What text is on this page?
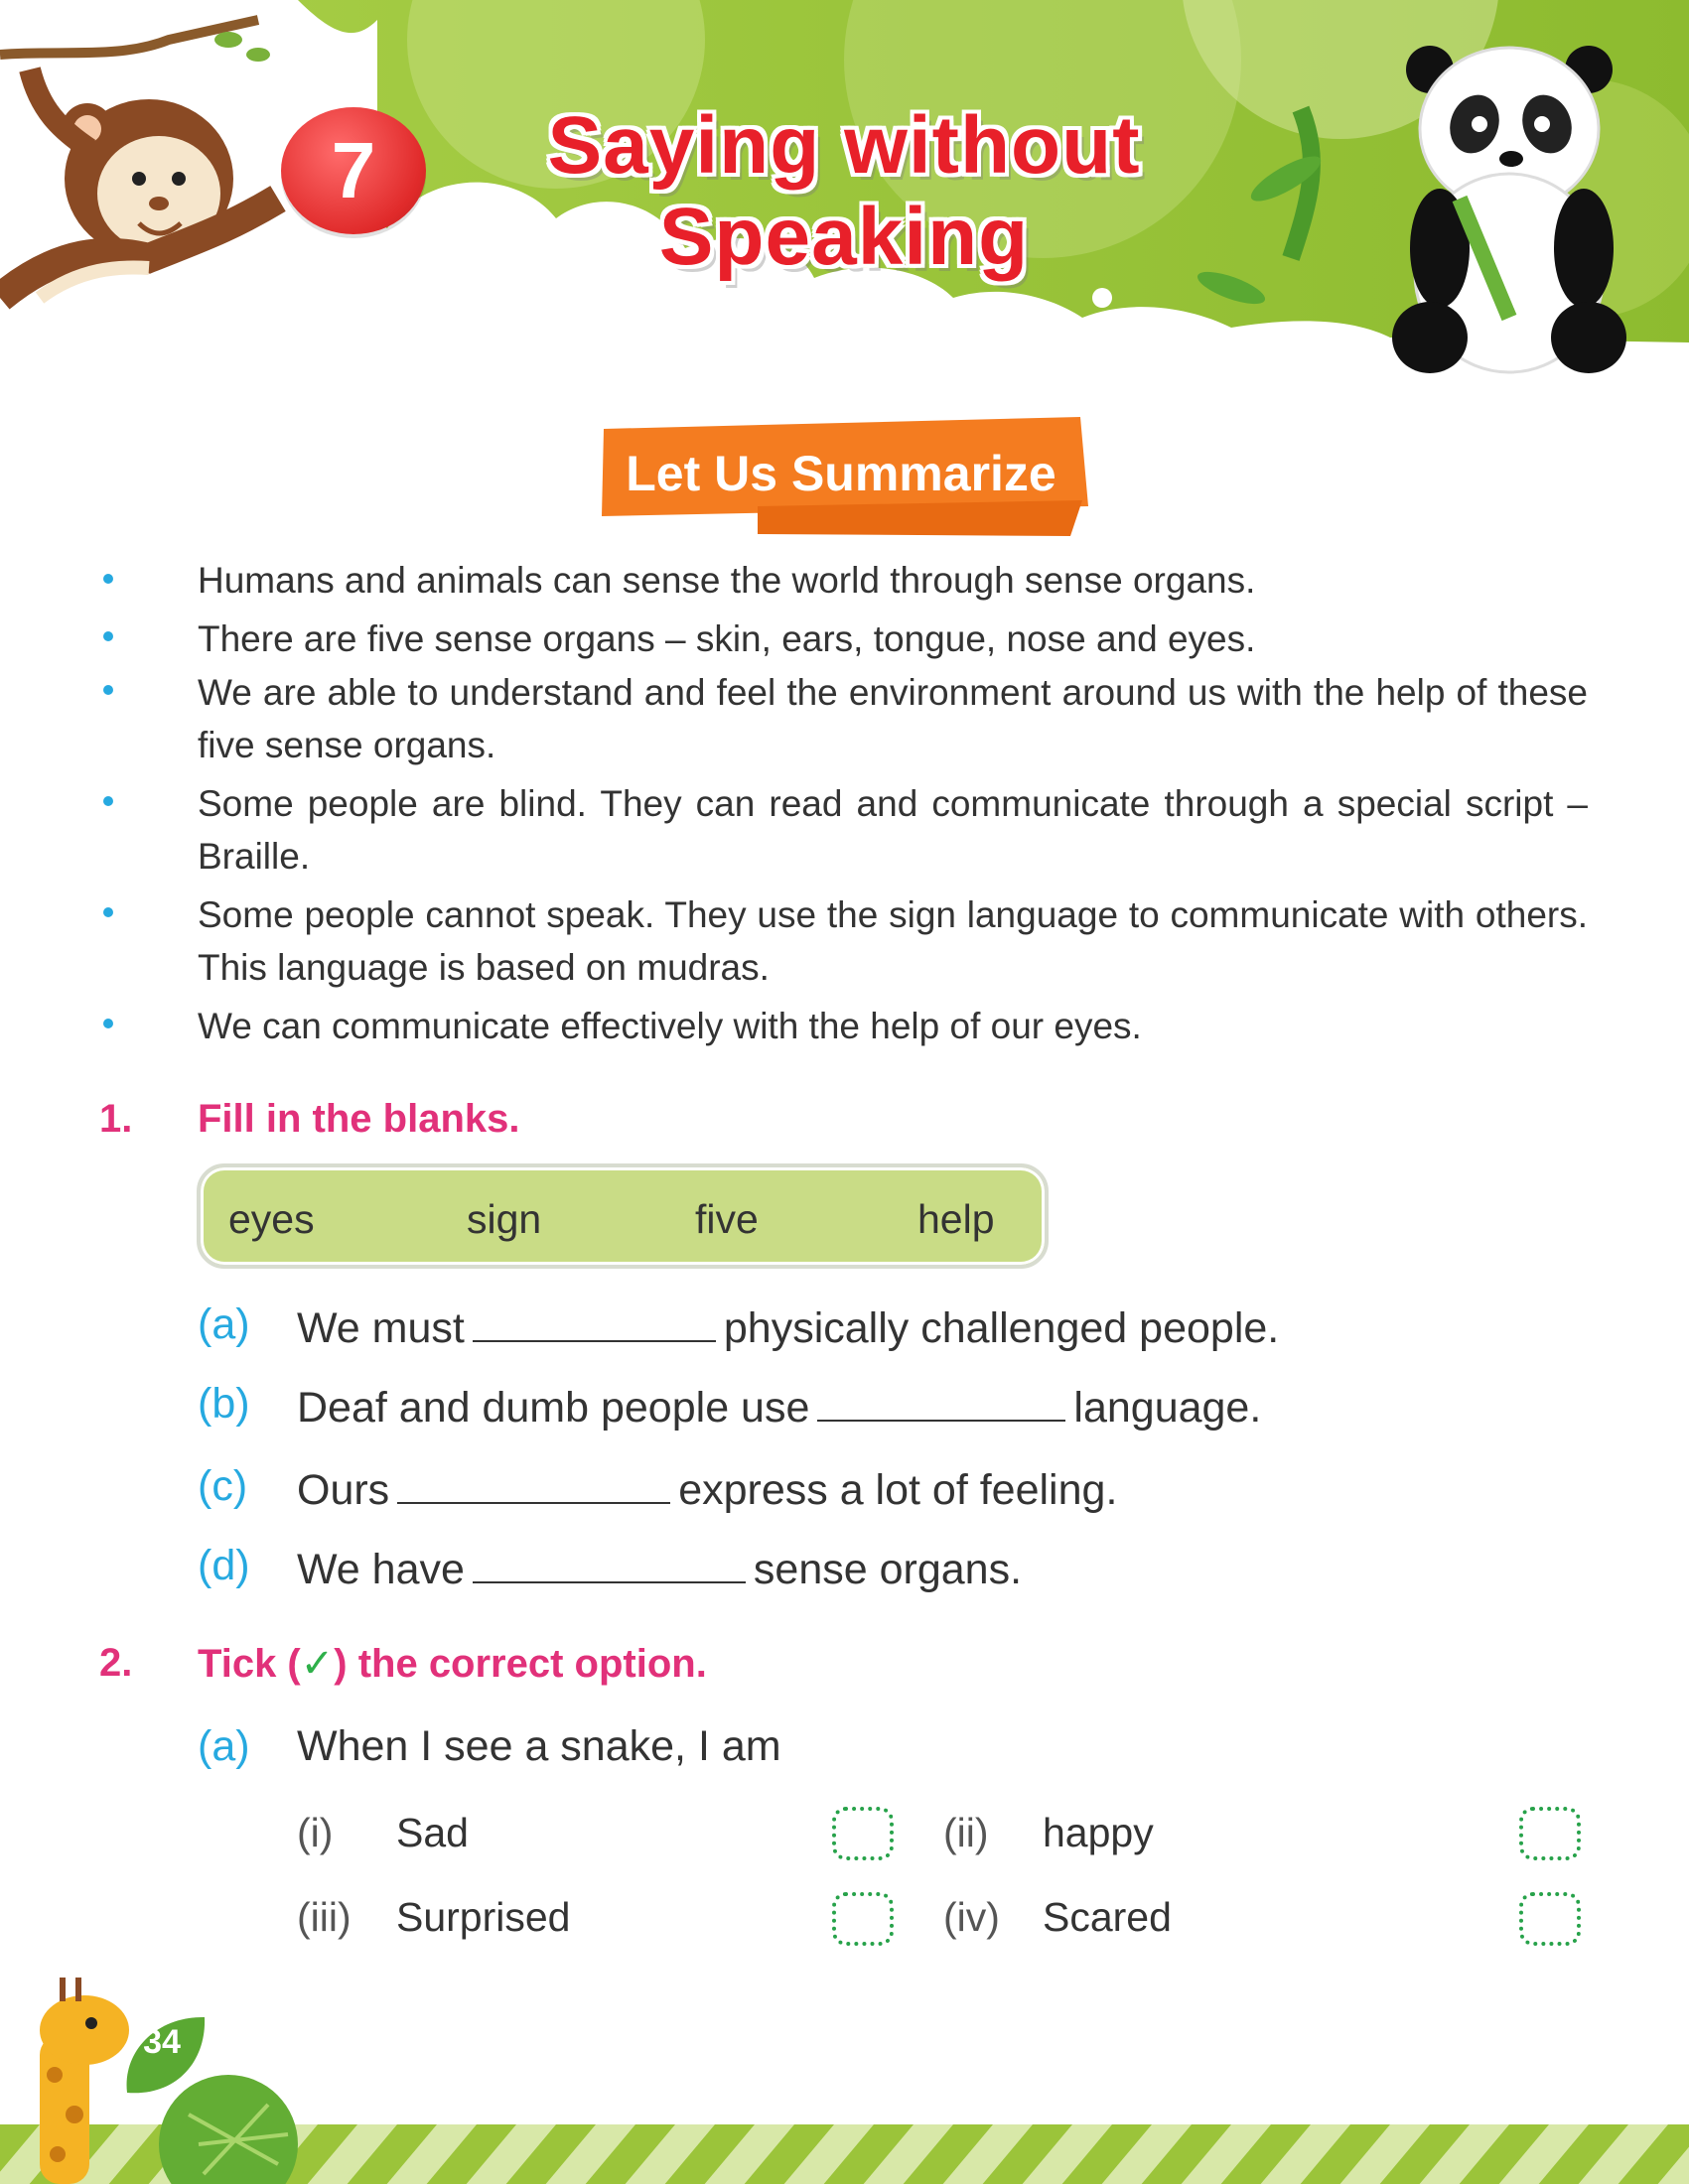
7	Saying without
Speaking
Let Us Summarize
Humans and animals can sense the world through sense organs.
There are five sense organs – skin, ears, tongue, nose and eyes.
We are able to understand and feel the environment around us with the help of these five sense organs.
Some people are blind. They can read and communicate through a special script – Braille.
Some people cannot speak. They use the sign language to communicate with others. This language is based on mudras.
We can communicate effectively with the help of our eyes.
1. Fill in the blanks.
eyes	sign	five	help
(a) We must	physically challenged people.
(b) Deaf and dumb people use	language.
(c) Ours	express a lot of feeling.
(d) We have	sense organs.
2. Tick (✓) the correct option.
(a) When I see a snake, I am
(i) Sad	(ii) happy
(iii) Surprised	(iv) Scared
34
